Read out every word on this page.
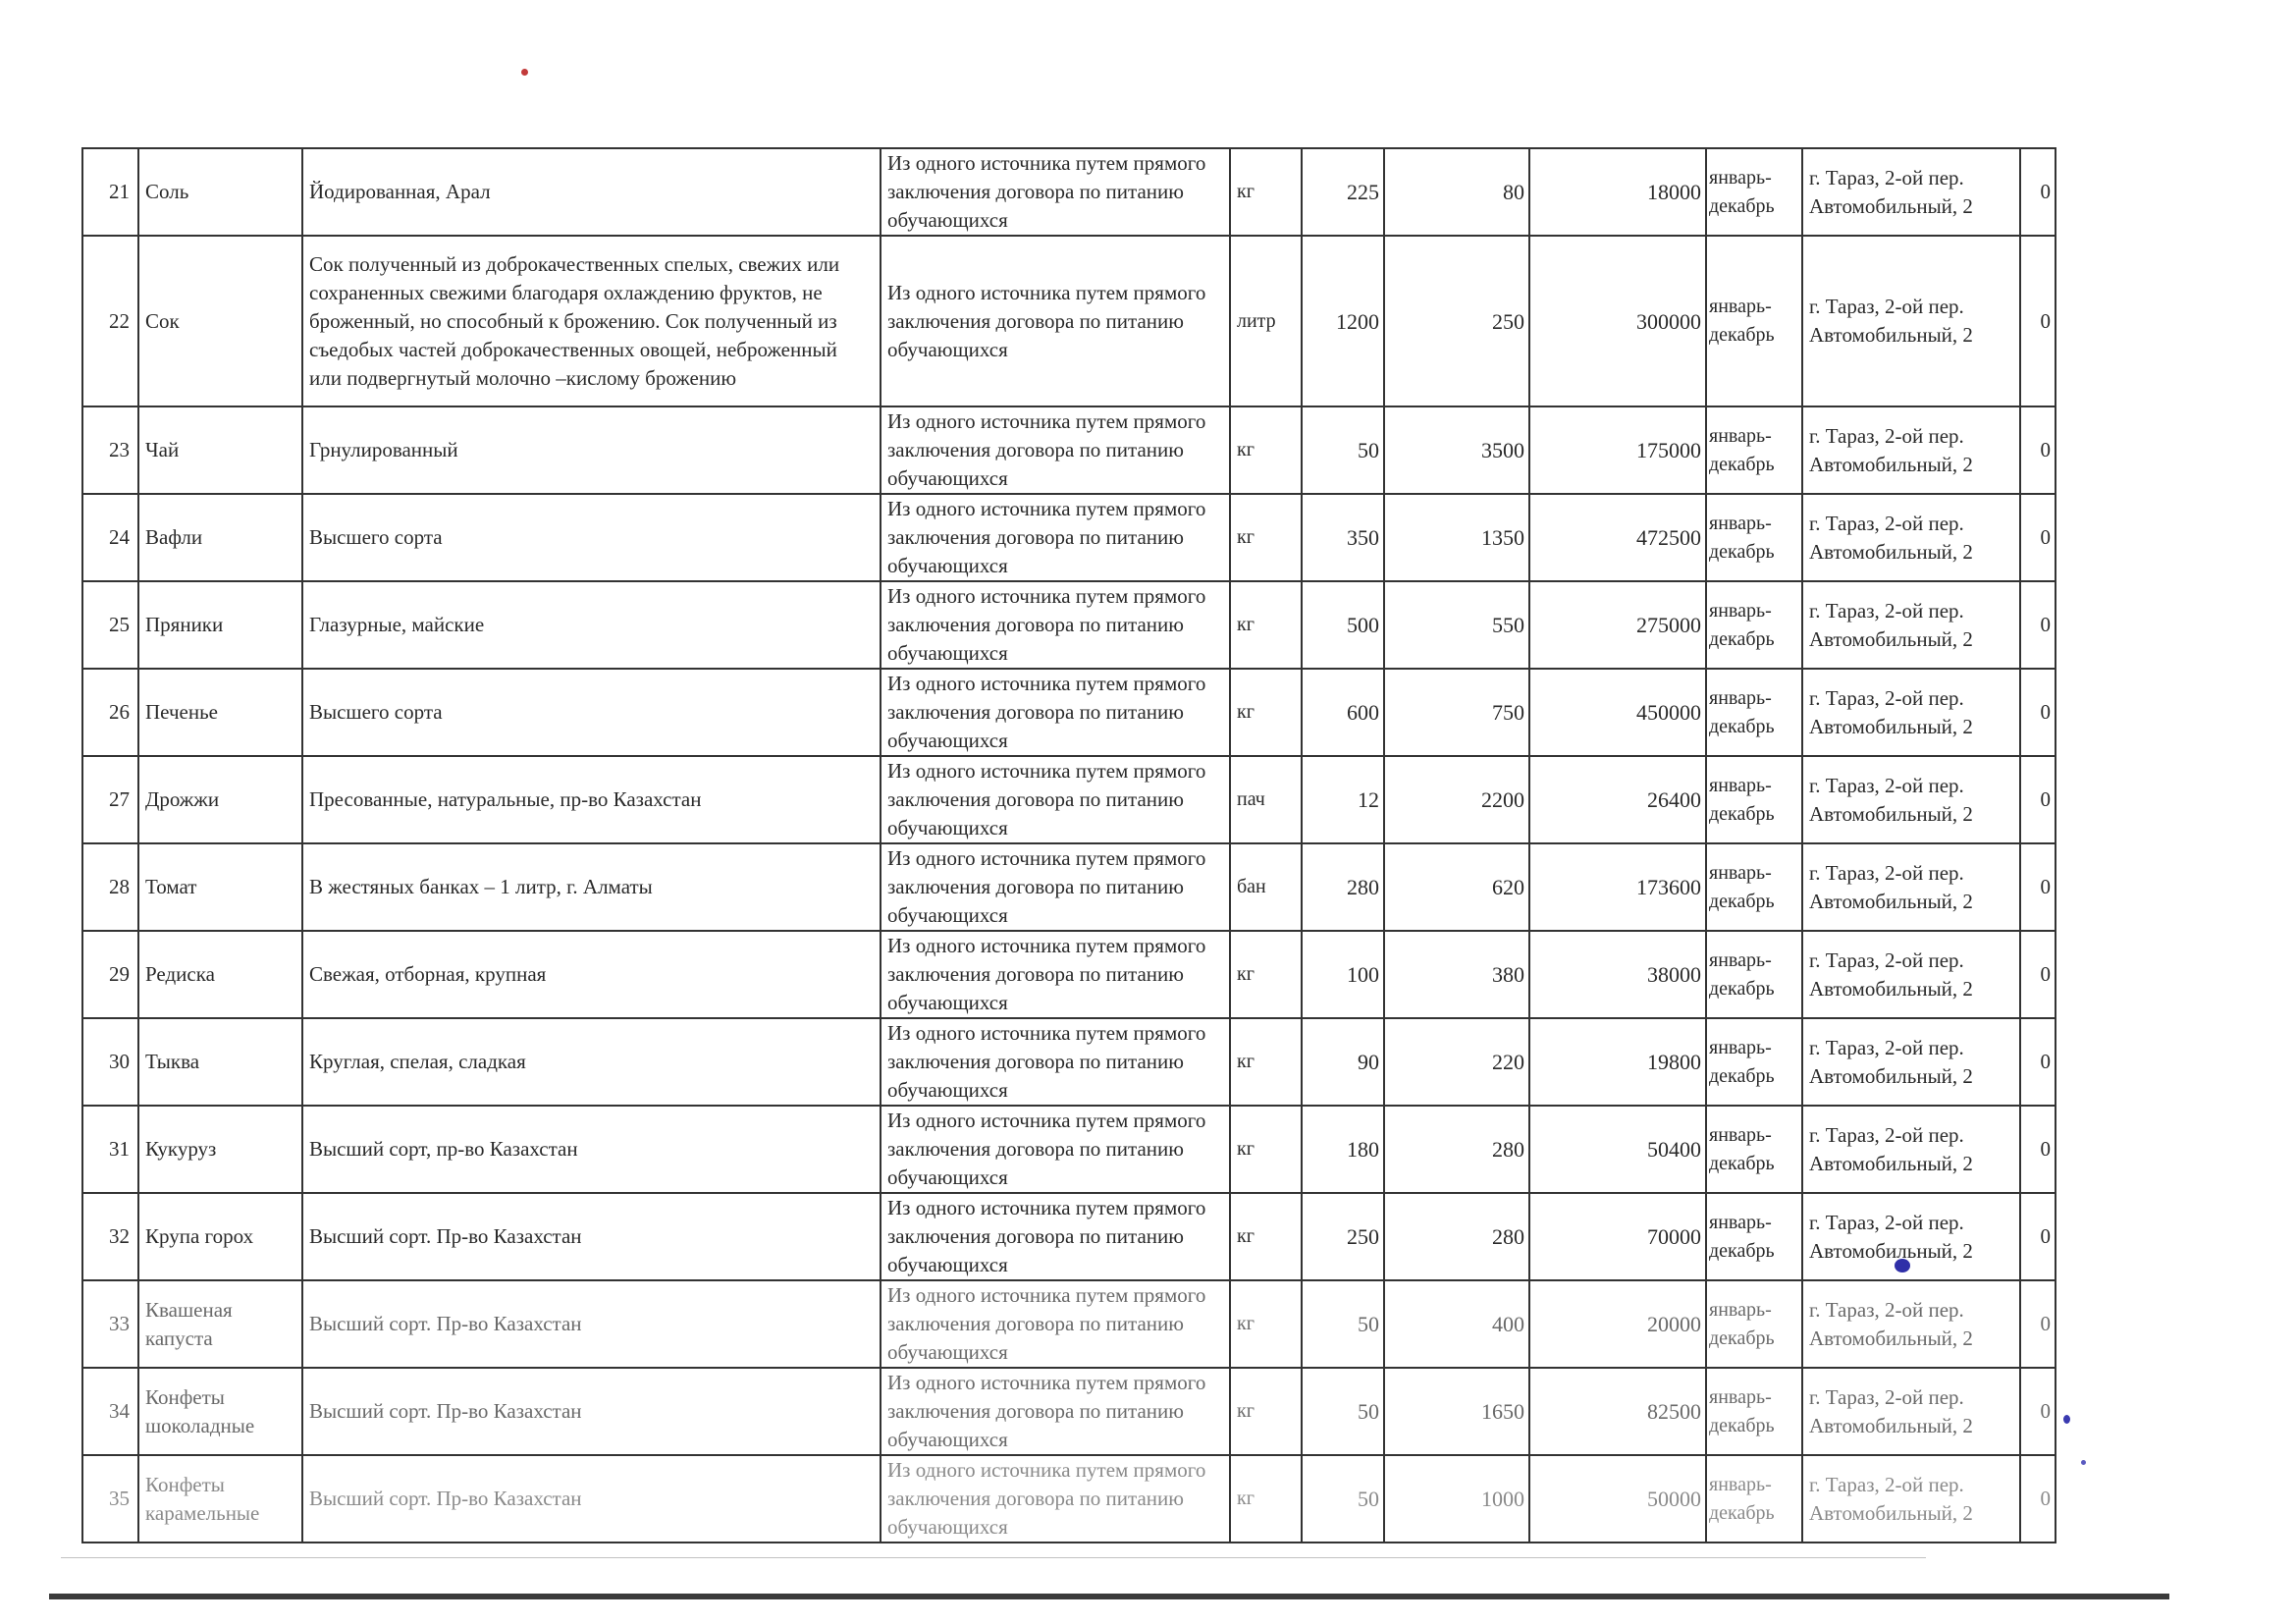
21	Соль	Йодированная, Арал	Из одного источника путем прямого заключения договора по питанию обучающихся	кг	225	80	18000	январь-декабрь	г. Тараз, 2-ой пер. Автомобильный, 2	0
22	Сок	Сок полученный из доброкачественных спелых, свежих или сохраненных свежими благодаря охлаждению фруктов, не броженный, но способный к брожению. Сок полученный из съедобых частей доброкачественных овощей, неброженный или подвергнутый молочно –кислому брожению	Из одного источника путем прямого заключения договора по питанию обучающихся	литр	1200	250	300000	январь-декабрь	г. Тараз, 2-ой пер. Автомобильный, 2	0
23	Чай	Грнулированный	Из одного источника путем прямого заключения договора по питанию обучающихся	кг	50	3500	175000	январь-декабрь	г. Тараз, 2-ой пер. Автомобильный, 2	0
24	Вафли	Высшего сорта	Из одного источника путем прямого заключения договора по питанию обучающихся	кг	350	1350	472500	январь-декабрь	г. Тараз, 2-ой пер. Автомобильный, 2	0
25	Пряники	Глазурные, майские	Из одного источника путем прямого заключения договора по питанию обучающихся	кг	500	550	275000	январь-декабрь	г. Тараз, 2-ой пер. Автомобильный, 2	0
26	Печенье	Высшего сорта	Из одного источника путем прямого заключения договора по питанию обучающихся	кг	600	750	450000	январь-декабрь	г. Тараз, 2-ой пер. Автомобильный, 2	0
27	Дрожжи	Пресованные, натуральные, пр-во Казахстан	Из одного источника путем прямого заключения договора по питанию обучающихся	пач	12	2200	26400	январь-декабрь	г. Тараз, 2-ой пер. Автомобильный, 2	0
28	Томат	В жестяных банках – 1 литр, г. Алматы	Из одного источника путем прямого заключения договора по питанию обучающихся	бан	280	620	173600	январь-декабрь	г. Тараз, 2-ой пер. Автомобильный, 2	0
29	Редиска	Свежая, отборная, крупная	Из одного источника путем прямого заключения договора по питанию обучающихся	кг	100	380	38000	январь-декабрь	г. Тараз, 2-ой пер. Автомобильный, 2	0
30	Тыква	Круглая, спелая, сладкая	Из одного источника путем прямого заключения договора по питанию обучающихся	кг	90	220	19800	январь-декабрь	г. Тараз, 2-ой пер. Автомобильный, 2	0
31	Кукуруз	Высший сорт, пр-во Казахстан	Из одного источника путем прямого заключения договора по питанию обучающихся	кг	180	280	50400	январь-декабрь	г. Тараз, 2-ой пер. Автомобильный, 2	0
32	Крупа горох	Высший сорт. Пр-во Казахстан	Из одного источника путем прямого заключения договора по питанию обучающихся	кг	250	280	70000	январь-декабрь	г. Тараз, 2-ой пер. Автомобильный, 2	0
33	Квашеная капуста	Высший сорт. Пр-во Казахстан	Из одного источника путем прямого заключения договора по питанию обучающихся	кг	50	400	20000	январь-декабрь	г. Тараз, 2-ой пер. Автомобильный, 2	0
34	Конфеты шоколадные	Высший сорт. Пр-во Казахстан	Из одного источника путем прямого заключения договора по питанию обучающихся	кг	50	1650	82500	январь-декабрь	г. Тараз, 2-ой пер. Автомобильный, 2	0
35	Конфеты карамельные	Высший сорт. Пр-во Казахстан	Из одного источника путем прямого заключения договора по питанию обучающихся	кг	50	1000	50000	январь-декабрь	г. Тараз, 2-ой пер. Автомобильный, 2	0
